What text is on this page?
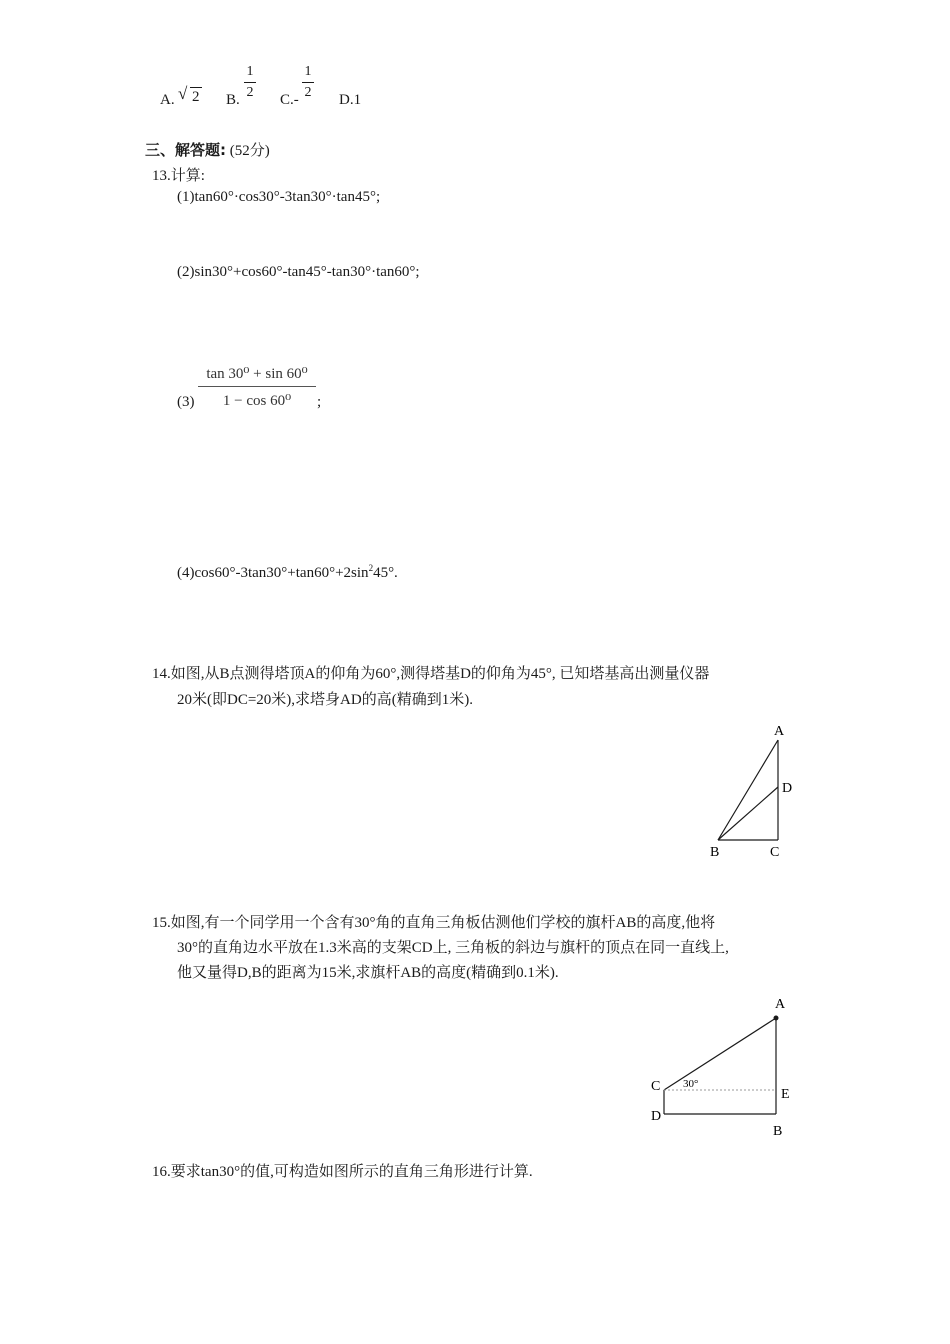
A. √ 2 B.
1
2 C.-
1
2 D.1
三、解答题: (52分)
13.计算:
(1)tan60°·cos30°-3tan30°·tan45°;
(2)sin30°+cos60°-tan45°-tan30°·tan60°;
(3)
tan 30⁰ + sin 60⁰
1 − cos 60⁰	;
$(4)\cos 60^\circ-3\tan 30^\circ+\tan 60^\circ+2\sin^245^\circ$.
14.如图,从B点测得塔顶A的仰角为60°,测得塔基D的仰角为45°, 已知塔基高出测量仪器
20米(即DC=20米),求塔身AD的高(精确到1米).
A
D
B	C
15.如图,有一个同学用一个含有30°角的直角三角板估测他们学校的旗杆AB的高度,他将
30°的直角边水平放在1.3米高的支架CD上, 三角板的斜边与旗杆的顶点在同一直线上,
他又量得D,B的距离为15米,求旗杆AB的高度(精确到0.1米).
A
C 30°
E
D
B
16.要求tan30°的值,可构造如图所示的直角三角形进行计算.
